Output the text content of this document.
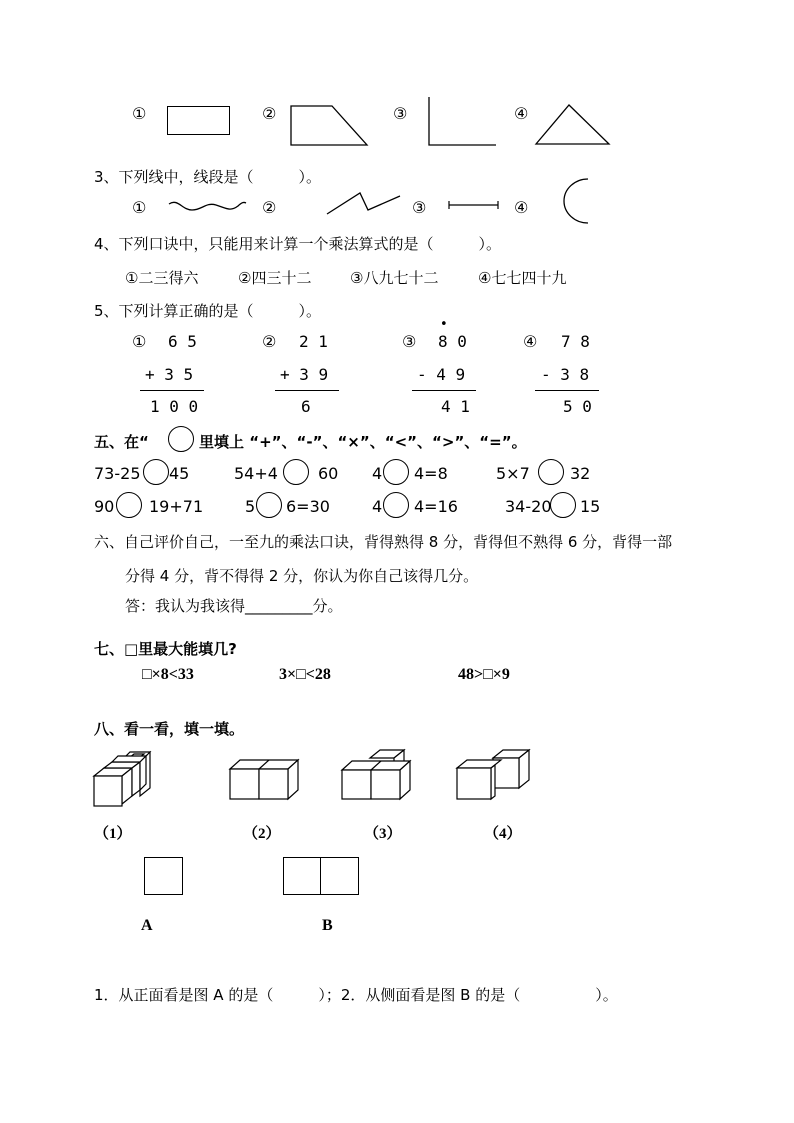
①	②	③	④
3、下列线中，线段是（　　　）。
①	②	③	④
4、下列口诀中，只能用来计算一个乘法算式的是（　　　）。
①二三得六	②四三十二	③八九七十二	④七七四十九
5、下列计算正确的是（　　　）。
① 6 5
+ 3 5
1 0 0
② 2 1
+ 3 9
6
③
•
8 0
- 4 9
4 1
④ 7 8
- 3 8
5 0
五、在“	里填上 “+”、“-”、“×”、“<”、“>”、“=”。
73-25 45	54+4	60 4 4=8	5×7	32
90 19+71	5 6=30	4 4=16	34-20 15
六、自己评价自己，一至九的乘法口诀，背得熟得 8 分，背得但不熟得 6 分，背得一部
分得 4 分，背不得得 2 分，你认为你自己该得几分。
答：我认为我该得_________分。
七、□里最大能填几?
□×8<33	3×□<28	48>□×9
八、看一看，填一填。
（1）	（2）	（3）	（4）
A	B
1．从正面看是图 A 的是（　　　）；2．从侧面看是图 B 的是（　　　　　）。
